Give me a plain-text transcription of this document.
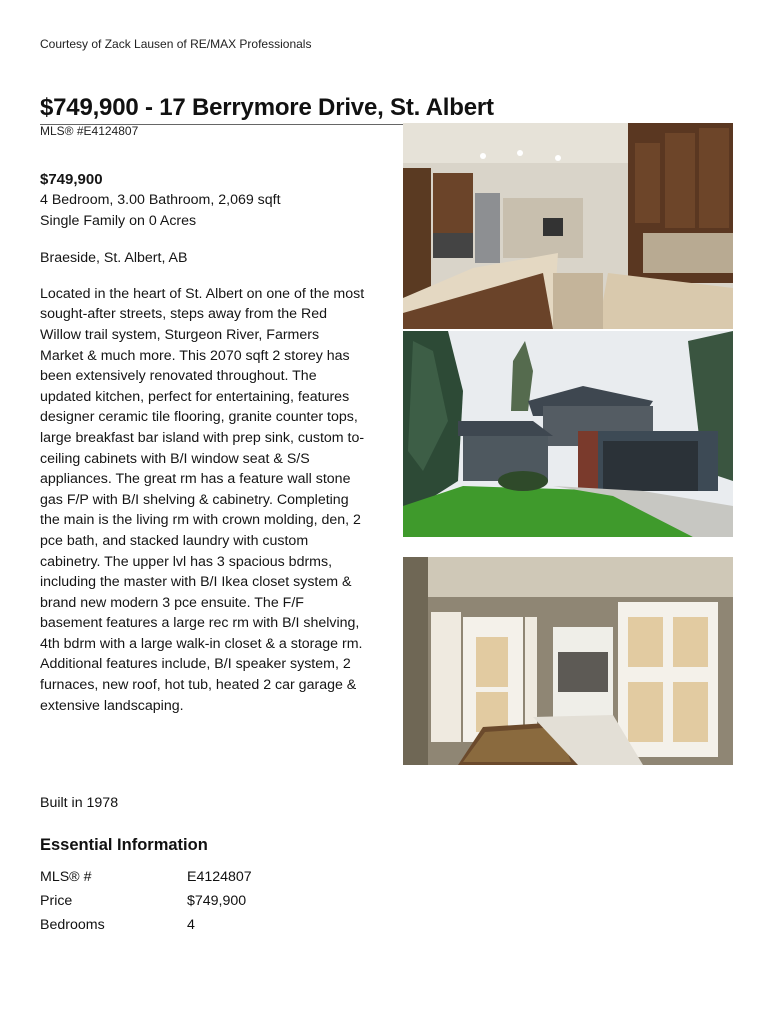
Courtesy of Zack Lausen of RE/MAX Professionals
$749,900 - 17 Berrymore Drive, St. Albert
MLS® #E4124807
$749,900
4 Bedroom, 3.00 Bathroom, 2,069 sqft
Single Family on 0 Acres
Braeside, St. Albert, AB
Located in the heart of St. Albert on one of the most sought-after streets, steps away from the Red Willow trail system, Sturgeon River, Farmers Market & much more. This 2070 sqft 2 storey has been extensively renovated throughout. The updated kitchen, perfect for entertaining, features designer ceramic tile flooring, granite counter tops, large breakfast bar island with prep sink, custom to-ceiling cabinets with B/I window seat & S/S appliances. The great rm has a feature wall stone gas F/P with B/I shelving & cabinetry. Completing the main is the living rm with crown molding, den, 2 pce bath, and stacked laundry with custom cabinetry. The upper lvl has 3 spacious bdrms, including the master with B/I Ikea closet system & brand new modern 3 pce ensuite. The F/F basement features a large rec rm with B/I shelving, 4th bdrm with a large walk-in closet & a storage rm. Additional features include, B/I speaker system, 2 furnaces, new roof, hot tub, heated 2 car garage & extensive landscaping.
Built in 1978
Essential Information
MLS® #	E4124807
Price	$749,900
Bedrooms	4
